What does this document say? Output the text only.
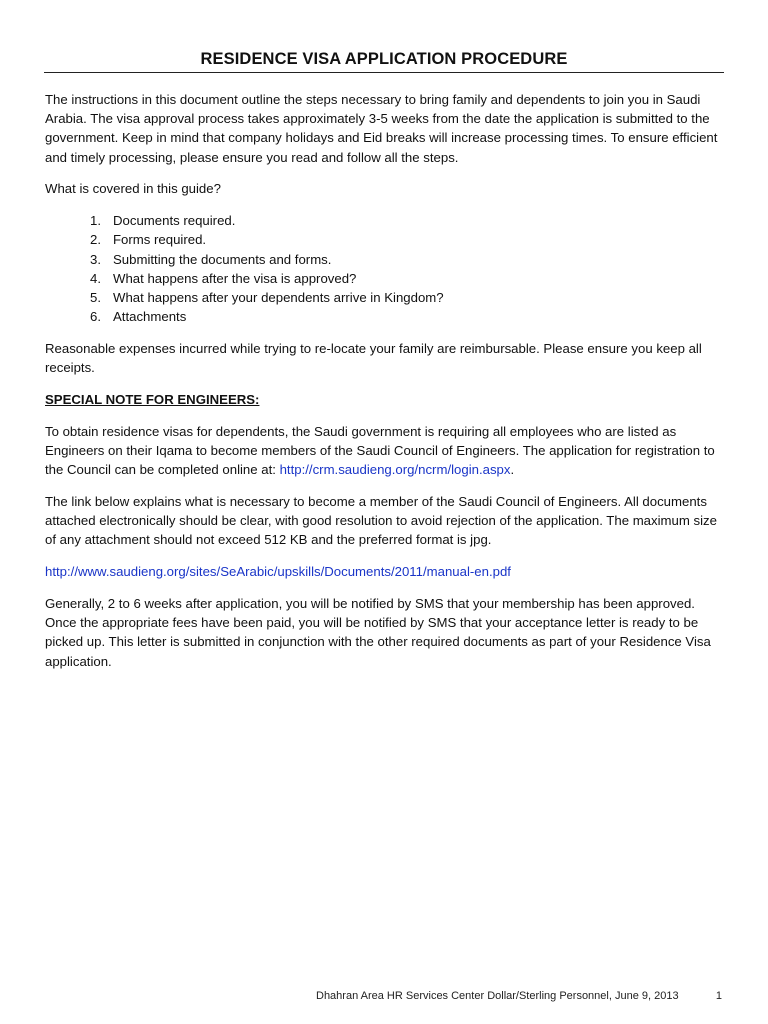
RESIDENCE VISA APPLICATION PROCEDURE

The instructions in this document outline the steps necessary to bring family and dependents to join you in Saudi Arabia. The visa approval process takes approximately 3-5 weeks from the date the application is submitted to the government. Keep in mind that company holidays and Eid breaks will increase processing times. To ensure efficient and timely processing, please ensure you read and follow all the steps.

What is covered in this guide?

1. Documents required.
2. Forms required.
3. Submitting the documents and forms.
4. What happens after the visa is approved?
5. What happens after your dependents arrive in Kingdom?
6. Attachments

Reasonable expenses incurred while trying to re-locate your family are reimbursable. Please ensure you keep all receipts.

SPECIAL NOTE FOR ENGINEERS:

To obtain residence visas for dependents, the Saudi government is requiring all employees who are listed as Engineers on their Iqama to become members of the Saudi Council of Engineers. The application for registration to the Council can be completed online at: http://crm.saudieng.org/ncrm/login.aspx.

The link below explains what is necessary to become a member of the Saudi Council of Engineers. All documents attached electronically should be clear, with good resolution to avoid rejection of the application. The maximum size of any attachment should not exceed 512 KB and the preferred format is jpg.

http://www.saudieng.org/sites/SeArabic/upskills/Documents/2011/manual-en.pdf

Generally, 2 to 6 weeks after application, you will be notified by SMS that your membership has been approved. Once the appropriate fees have been paid, you will be notified by SMS that your acceptance letter is ready to be picked up. This letter is submitted in conjunction with the other required documents as part of your Residence Visa application.

Dhahran Area HR Services Center Dollar/Sterling Personnel, June 9, 2013	1
